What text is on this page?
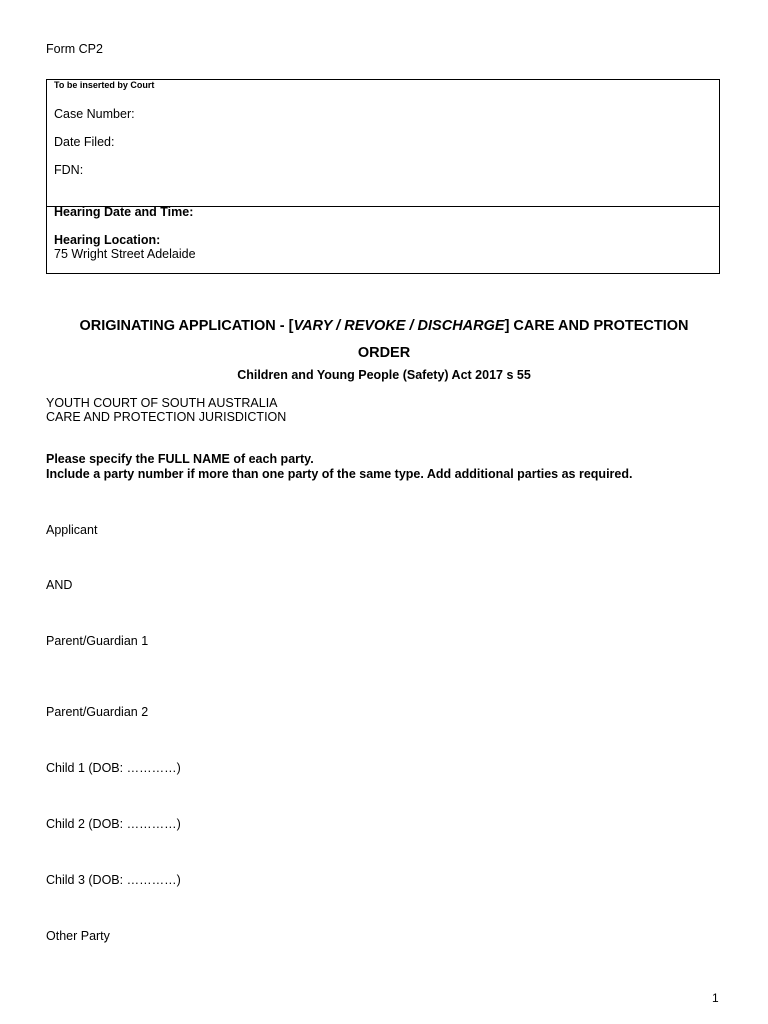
Form CP2
To be inserted by Court
Case Number:
Date Filed:
FDN:
Hearing Date and Time:
Hearing Location:
75 Wright Street Adelaide
ORIGINATING APPLICATION - [VARY / REVOKE / DISCHARGE] CARE AND PROTECTION
ORDER
Children and Young People (Safety) Act 2017 s 55
YOUTH COURT OF SOUTH AUSTRALIA
CARE AND PROTECTION JURISDICTION
Please specify the FULL NAME of each party.
Include a party number if more than one party of the same type. Add additional parties as required.
Applicant
AND
Parent/Guardian 1
Parent/Guardian 2
Child 1 (DOB: …………)
Child 2 (DOB: …………)
Child 3 (DOB: …………)
Other Party
1
